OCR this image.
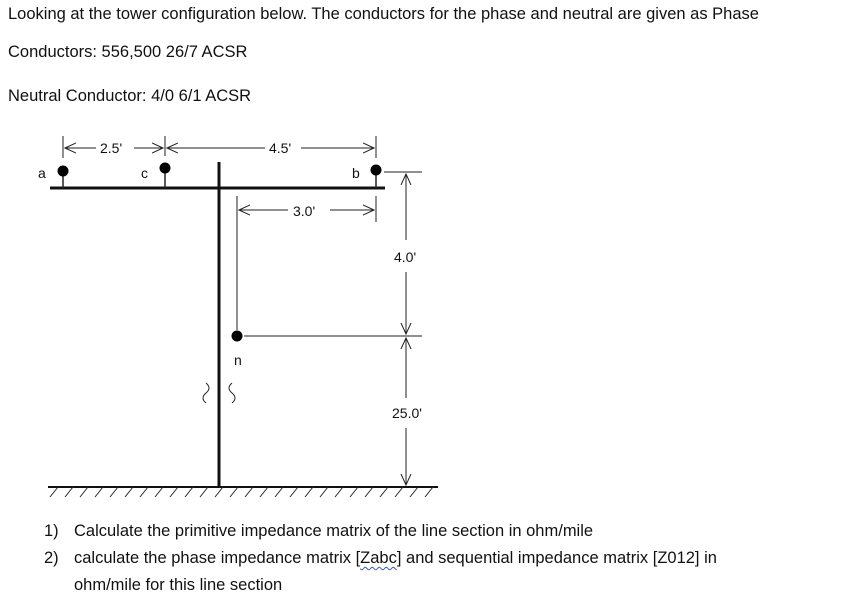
Looking at the tower configuration below. The conductors for the phase and neutral are given as Phase
Conductors: 556,500 26/7 ACSR
Neutral Conductor: 4/0 6/1 ACSR
a	c	b
n
2.5'	4.5'
3.0'
4.0'
25.0'
1) Calculate the primitive impedance matrix of the line section in ohm/mile
2) calculate the phase impedance matrix [Zabc] and sequential impedance matrix [Z012] in
ohm/mile for this line section
